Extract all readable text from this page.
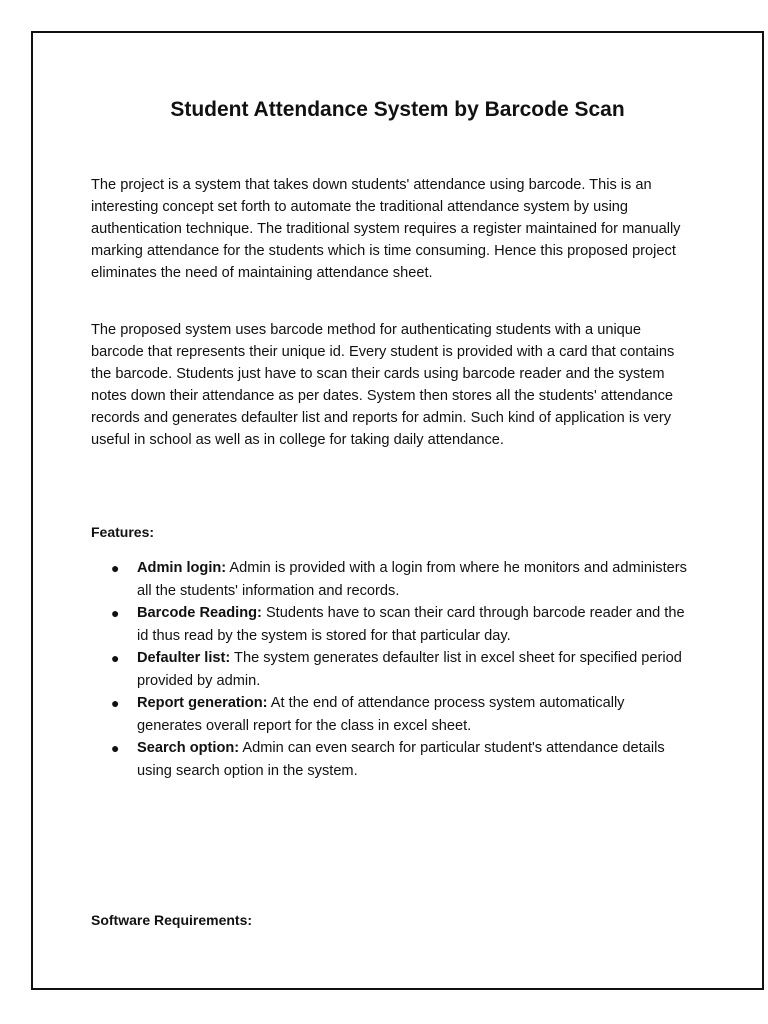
Student Attendance System by Barcode Scan

The project is a system that takes down students' attendance using barcode. This is an interesting concept set forth to automate the traditional attendance system by using authentication technique. The traditional system requires a register maintained for manually marking attendance for the students which is time consuming. Hence this proposed project eliminates the need of maintaining attendance sheet.

The proposed system uses barcode method for authenticating students with a unique barcode that represents their unique id. Every student is provided with a card that contains the barcode. Students just have to scan their cards using barcode reader and the system notes down their attendance as per dates. System then stores all the students' attendance records and generates defaulter list and reports for admin. Such kind of application is very useful in school as well as in college for taking daily attendance.

Features:
● Admin login: Admin is provided with a login from where he monitors and administers all the students' information and records.
● Barcode Reading: Students have to scan their card through barcode reader and the id thus read by the system is stored for that particular day.
● Defaulter list: The system generates defaulter list in excel sheet for specified period provided by admin.
● Report generation: At the end of attendance process system automatically generates overall report for the class in excel sheet.
● Search option: Admin can even search for particular student's attendance details using search option in the system.
Software Requirements:
